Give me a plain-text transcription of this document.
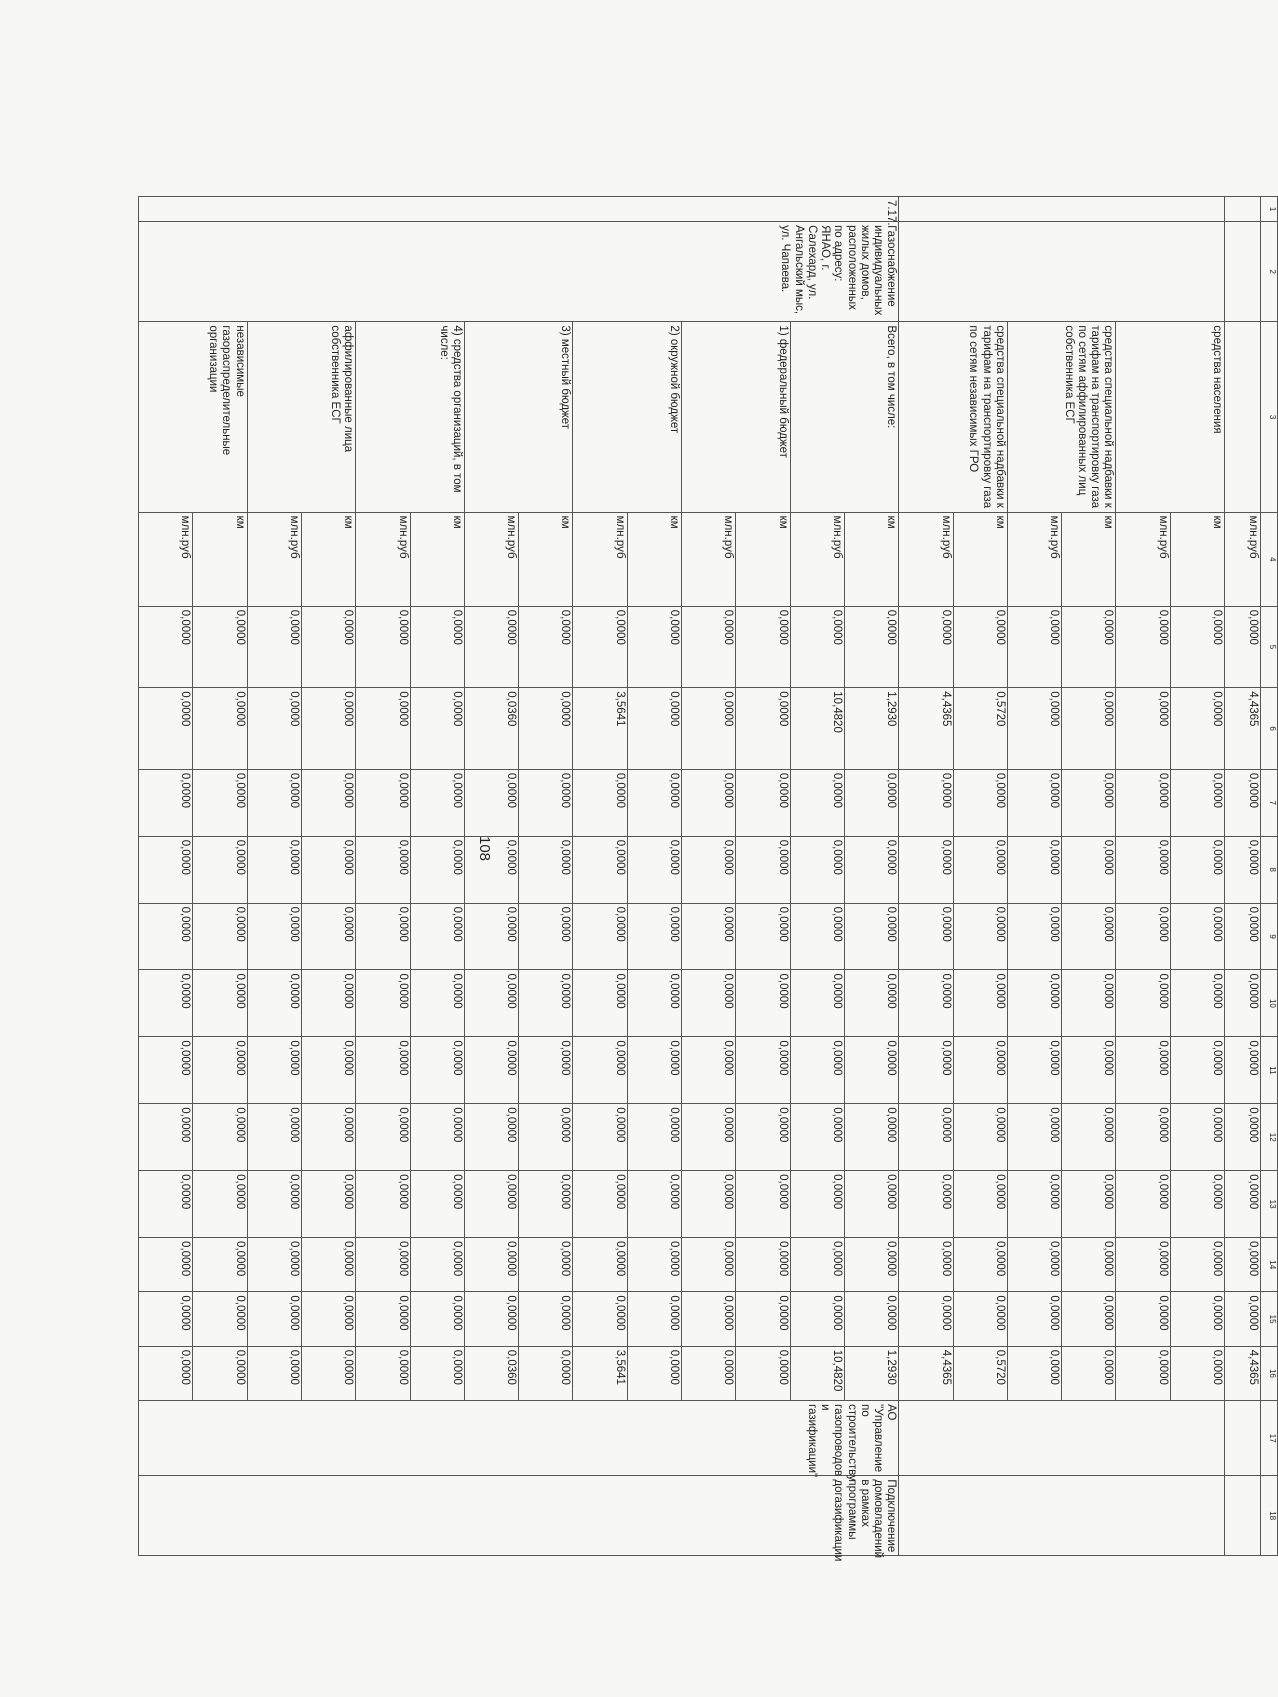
108
1	2	3	4	5	6	7	8	9	10	11	12	13	14	15	16	17	18
			млн.руб	0,0000	4,4365	0,0000	0,0000	0,0000	0,0000	0,0000	0,0000	0,0000	0,0000	0,0000	4,4365		
		средства населения	км	0,0000	0,0000	0,0000	0,0000	0,0000	0,0000	0,0000	0,0000	0,0000	0,0000	0,0000	0,0000		
			млн.руб	0,0000	0,0000	0,0000	0,0000	0,0000	0,0000	0,0000	0,0000	0,0000	0,0000	0,0000	0,0000		
		средства специальной надбавки к тарифам на транспортировку газа по сетям аффилированных лиц собственника ЕСГ	км	0,0000	0,0000	0,0000	0,0000	0,0000	0,0000	0,0000	0,0000	0,0000	0,0000	0,0000	0,0000		
			млн.руб	0,0000	0,0000	0,0000	0,0000	0,0000	0,0000	0,0000	0,0000	0,0000	0,0000	0,0000	0,0000		
		средства специальной надбавки к тарифам на транспортировку газа по сетям независимых ГРО	км	0,0000	0,5720	0,0000	0,0000	0,0000	0,0000	0,0000	0,0000	0,0000	0,0000	0,0000	0,5720		
			млн.руб	0,0000	4,4365	0,0000	0,0000	0,0000	0,0000	0,0000	0,0000	0,0000	0,0000	0,0000	4,4365		
7.17.	Газоснабжение индивидуальных жилых домов, расположенных по адресу: ЯНАО, г. Салехард, ул. Ангальский мыс, ул. Чапаева.	Всего, в том числе:	км	0,0000	1,2930	0,0000	0,0000	0,0000	0,0000	0,0000	0,0000	0,0000	0,0000	0,0000	1,2930	АО "Управление по строительству газопроводов и газификации"	Подключение домовладений в рамках программы догазификации
			млн.руб	0,0000	10,4820	0,0000	0,0000	0,0000	0,0000	0,0000	0,0000	0,0000	0,0000	0,0000	10,4820		
		1) федеральный бюджет	км	0,0000	0,0000	0,0000	0,0000	0,0000	0,0000	0,0000	0,0000	0,0000	0,0000	0,0000	0,0000		
			млн.руб	0,0000	0,0000	0,0000	0,0000	0,0000	0,0000	0,0000	0,0000	0,0000	0,0000	0,0000	0,0000		
		2) окружной бюджет	км	0,0000	0,0000	0,0000	0,0000	0,0000	0,0000	0,0000	0,0000	0,0000	0,0000	0,0000	0,0000		
			млн.руб	0,0000	3,5641	0,0000	0,0000	0,0000	0,0000	0,0000	0,0000	0,0000	0,0000	0,0000	3,5641		
		3) местный бюджет	км	0,0000	0,0000	0,0000	0,0000	0,0000	0,0000	0,0000	0,0000	0,0000	0,0000	0,0000	0,0000		
			млн.руб	0,0000	0,0360	0,0000	0,0000	0,0000	0,0000	0,0000	0,0000	0,0000	0,0000	0,0000	0,0360		
		4) средства организаций, в том числе:	км	0,0000	0,0000	0,0000	0,0000	0,0000	0,0000	0,0000	0,0000	0,0000	0,0000	0,0000	0,0000		
			млн.руб	0,0000	0,0000	0,0000	0,0000	0,0000	0,0000	0,0000	0,0000	0,0000	0,0000	0,0000	0,0000		
		аффилированные лица собственника ЕСГ	км	0,0000	0,0000	0,0000	0,0000	0,0000	0,0000	0,0000	0,0000	0,0000	0,0000	0,0000	0,0000		
			млн.руб	0,0000	0,0000	0,0000	0,0000	0,0000	0,0000	0,0000	0,0000	0,0000	0,0000	0,0000	0,0000		
		независимые газораспределительные организации	км	0,0000	0,0000	0,0000	0,0000	0,0000	0,0000	0,0000	0,0000	0,0000	0,0000	0,0000	0,0000		
			млн.руб	0,0000	0,0000	0,0000	0,0000	0,0000	0,0000	0,0000	0,0000	0,0000	0,0000	0,0000	0,0000		
